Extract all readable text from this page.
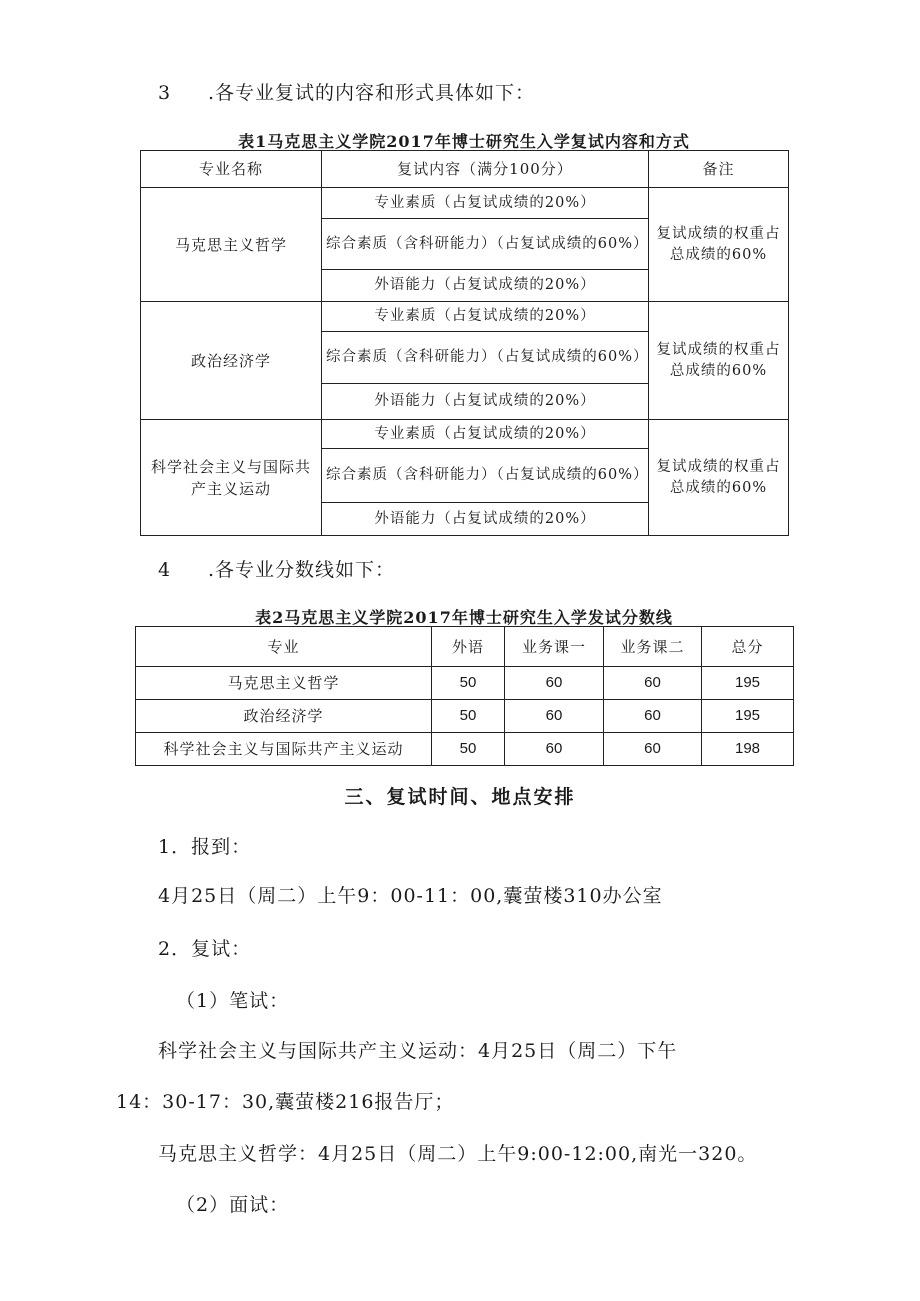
3 .各专业复试的内容和形式具体如下：
表1马克思主义学院2017年博士研究生入学复试内容和方式
专业名称	复试内容（满分100分）	备注
马克思主义哲学	专业素质（占复试成绩的20%）	复试成绩的权重占总成绩的60%
	综合素质（含科研能力）（占复试成绩的60%）	
	外语能力（占复试成绩的20%）	
政治经济学	专业素质（占复试成绩的20%）	复试成绩的权重占总成绩的60%
	综合素质（含科研能力）（占复试成绩的60%）	
	外语能力（占复试成绩的20%）	
科学社会主义与国际共产主义运动	专业素质（占复试成绩的20%）	复试成绩的权重占总成绩的60%
	综合素质（含科研能力）（占复试成绩的60%）	
	外语能力（占复试成绩的20%）	
4 .各专业分数线如下：
表2马克思主义学院2017年博士研究生入学发试分数线
专业	外语	业务课一	业务课二	总分
马克思主义哲学	50	60	60	195
政治经济学	50	60	60	195
科学社会主义与国际共产主义运动	50	60	60	198
三、复试时间、地点安排
1．报到：
4月25日（周二）上午9：00-11：00,囊萤楼310办公室
2．复试：
（1）笔试：
科学社会主义与国际共产主义运动：4月25日（周二）下午
14：30-17：30,囊萤楼216报告厅；
马克思主义哲学：4月25日（周二）上午9:00-12:00,南光一320。
（2）面试：
